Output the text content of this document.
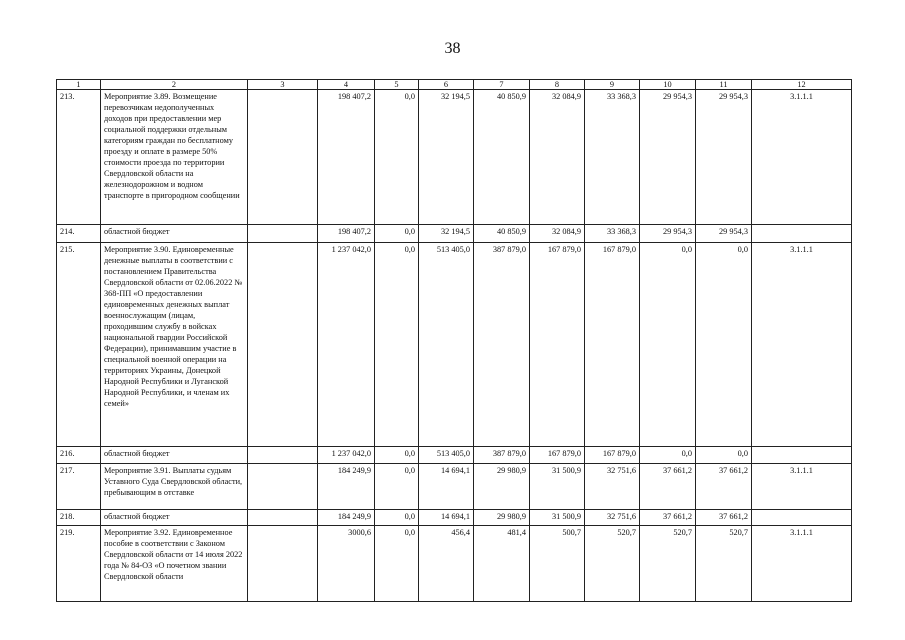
38
1	2	3	4	5	6	7	8	9	10	11	12
213.	Мероприятие 3.89. Возмещение перевозчикам недополученных доходов при предоставлении мер социальной поддержки отдельным категориям граждан по бесплатному проезду и оплате в размере 50% стоимости проезда по территории Свердловской области на железнодорожном и водном транспорте в пригородном сообщении		198 407,2	0,0	32 194,5	40 850,9	32 084,9	33 368,3	29 954,3	29 954,3	3.1.1.1
214.	областной бюджет		198 407,2	0,0	32 194,5	40 850,9	32 084,9	33 368,3	29 954,3	29 954,3	
215.	Мероприятие 3.90. Единовременные денежные выплаты в соответствии с постановлением Правительства Свердловской области от 02.06.2022 № 368-ПП «О предоставлении единовременных денежных выплат военнослужащим (лицам, проходившим службу в войсках национальной гвардии Российской Федерации), принимавшим участие в специальной военной операции на территориях Украины, Донецкой Народной Республики и Луганской Народной Республики, и членам их семей»		1 237 042,0	0,0	513 405,0	387 879,0	167 879,0	167 879,0	0,0	0,0	3.1.1.1
216.	областной бюджет		1 237 042,0	0,0	513 405,0	387 879,0	167 879,0	167 879,0	0,0	0,0	
217.	Мероприятие 3.91. Выплаты судьям Уставного Суда Свердловской области, пребывающим в отставке		184 249,9	0,0	14 694,1	29 980,9	31 500,9	32 751,6	37 661,2	37 661,2	3.1.1.1
218.	областной бюджет		184 249,9	0,0	14 694,1	29 980,9	31 500,9	32 751,6	37 661,2	37 661,2	
219.	Мероприятие 3.92. Единовременное пособие в соответствии с Законом Свердловской области от 14 июля 2022 года № 84-ОЗ «О почетном звании Свердловской области		3000,6	0,0	456,4	481,4	500,7	520,7	520,7	520,7	3.1.1.1
